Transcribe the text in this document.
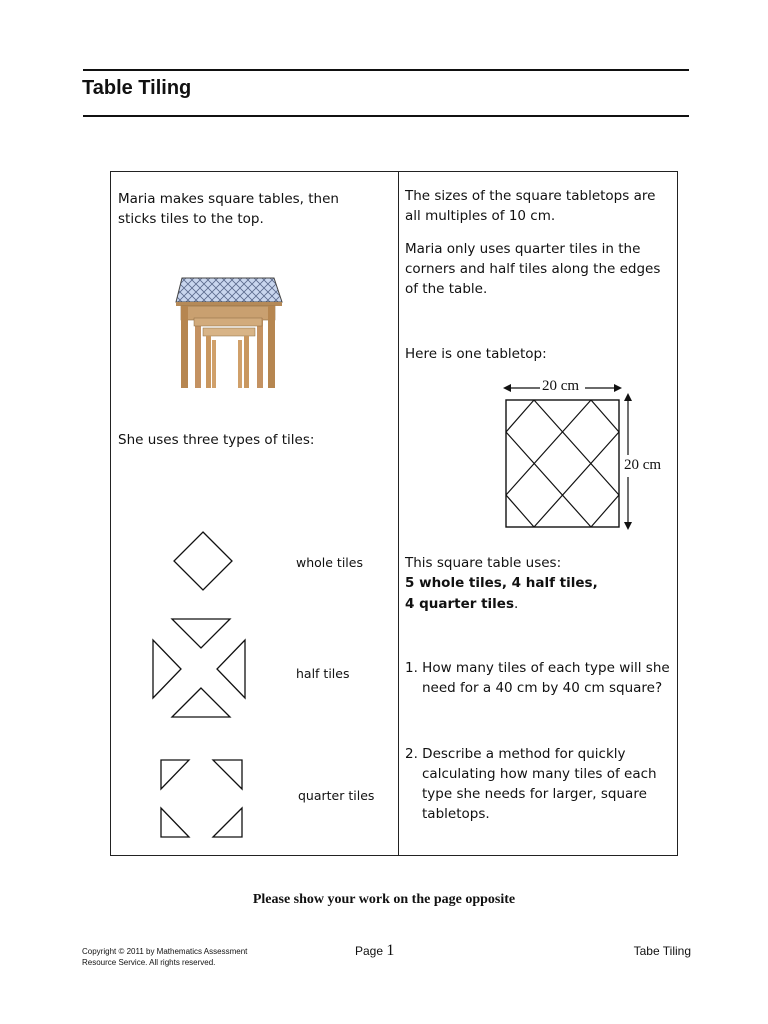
Table Tiling
Maria makes square tables, then sticks tiles to the top.
She uses three types of tiles:
whole tiles
half tiles
quarter tiles
The sizes of the square tabletops are all multiples of 10 cm.
Maria only uses quarter tiles in the corners and half tiles along the edges of the table.
Here is one tabletop:
20 cm
20 cm
This square table uses:
5 whole tiles, 4 half tiles,
4 quarter tiles.
1. How many tiles of each type will she need for a 40 cm by 40 cm square?
2. Describe a method for quickly calculating how many tiles of each type she needs for larger, square tabletops.
Please show your work on the page opposite
Copyright © 2011 by Mathematics Assessment Resource Service. All rights reserved.
Page 1	Tabe Tiling
